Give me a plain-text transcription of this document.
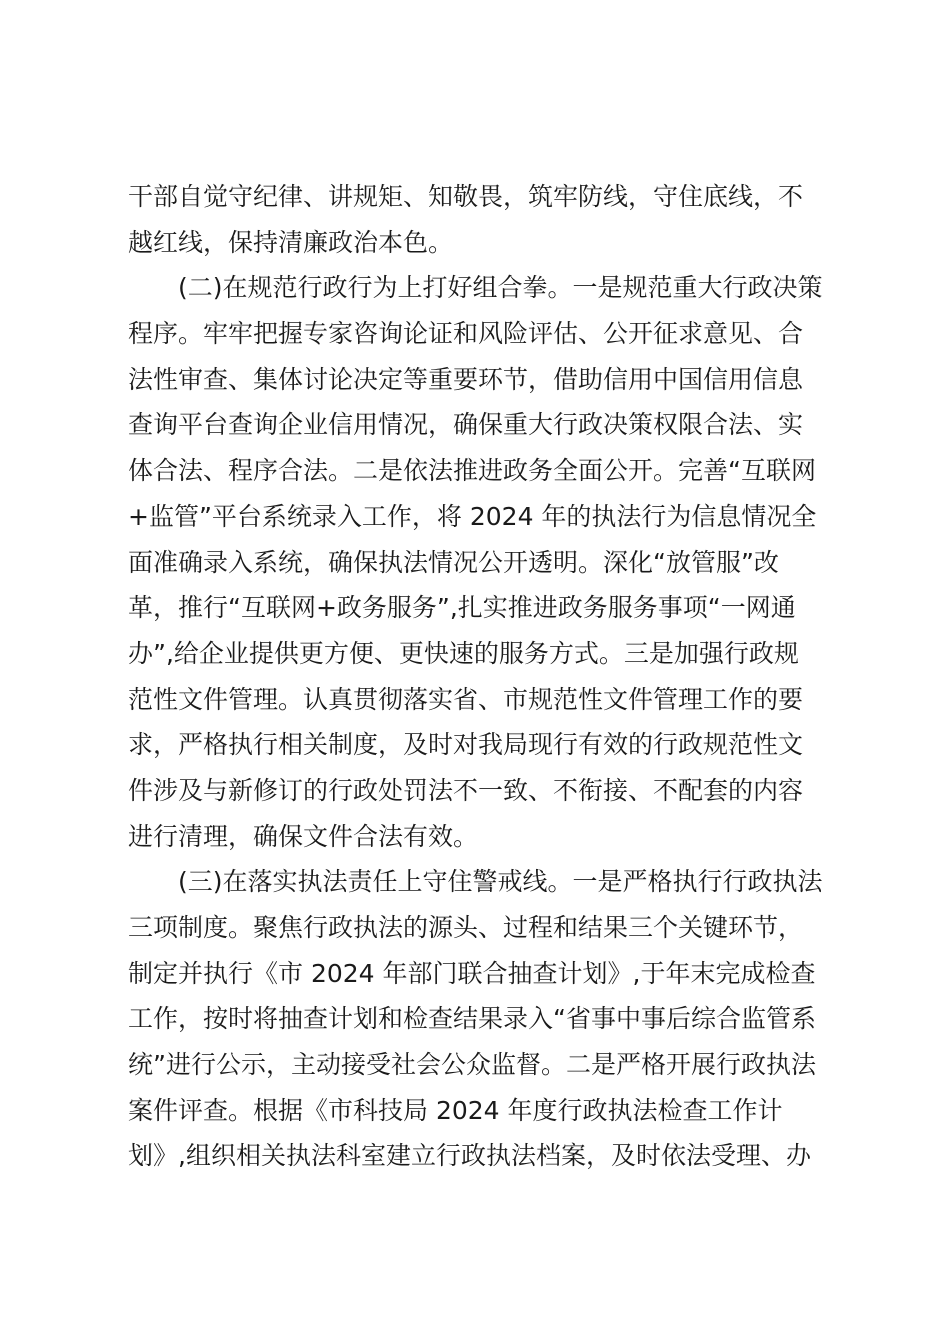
干部自觉守纪律、讲规矩、知敬畏，筑牢防线，守住底线，不
越红线，保持清廉政治本色。
(二)在规范行政行为上打好组合拳。一是规范重大行政决策
程序。牢牢把握专家咨询论证和风险评估、公开征求意见、合
法性审查、集体讨论决定等重要环节，借助信用中国信用信息
查询平台查询企业信用情况，确保重大行政决策权限合法、实
体合法、程序合法。二是依法推进政务全面公开。完善“互联网
+监管”平台系统录入工作，将 2024 年的执法行为信息情况全
面准确录入系统，确保执法情况公开透明。深化“放管服”改
革，推行“互联网+政务服务”,扎实推进政务服务事项“一网通
办”,给企业提供更方便、更快速的服务方式。三是加强行政规
范性文件管理。认真贯彻落实省、市规范性文件管理工作的要
求，严格执行相关制度，及时对我局现行有效的行政规范性文
件涉及与新修订的行政处罚法不一致、不衔接、不配套的内容
进行清理，确保文件合法有效。
(三)在落实执法责任上守住警戒线。一是严格执行行政执法
三项制度。聚焦行政执法的源头、过程和结果三个关键环节，
制定并执行《市 2024 年部门联合抽查计划》,于年末完成检查
工作，按时将抽查计划和检查结果录入“省事中事后综合监管系
统”进行公示，主动接受社会公众监督。二是严格开展行政执法
案件评查。根据《市科技局 2024 年度行政执法检查工作计
划》,组织相关执法科室建立行政执法档案，及时依法受理、办
